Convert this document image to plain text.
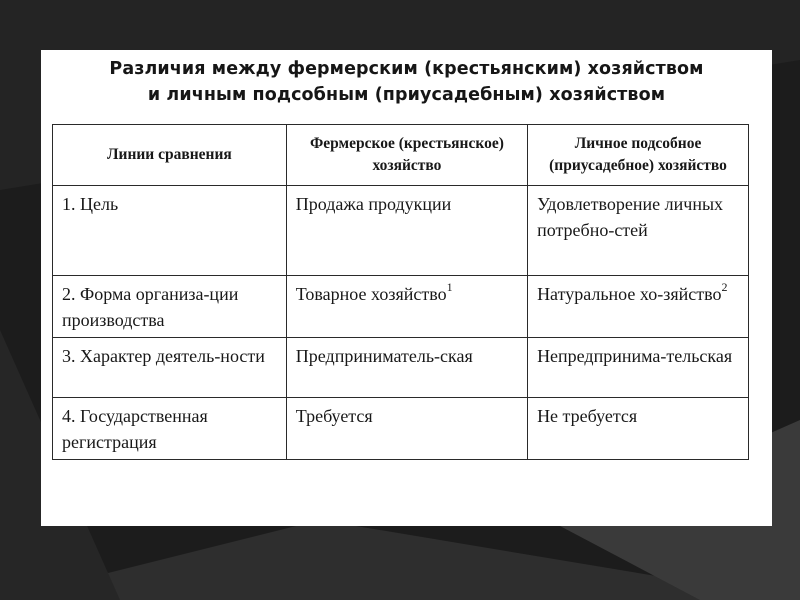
Различия между фермерским (крестьянским) хозяйством
и личным подсобным (приусадебным) хозяйством
Линии сравнения	Фермерское (крестьянское) хозяйство	Личное подсобное (приусадебное) хозяйство
1. Цель	Продажа продукции	Удовлетворение личных потребно-стей
2. Форма организа-ции производства	Товарное хозяйство$^1$	Натуральное хо-зяйство$^2$
3. Характер деятель-ности	Предприниматель-ская	Непредпринима-тельская
4. Государственная регистрация	Требуется	Не требуется
